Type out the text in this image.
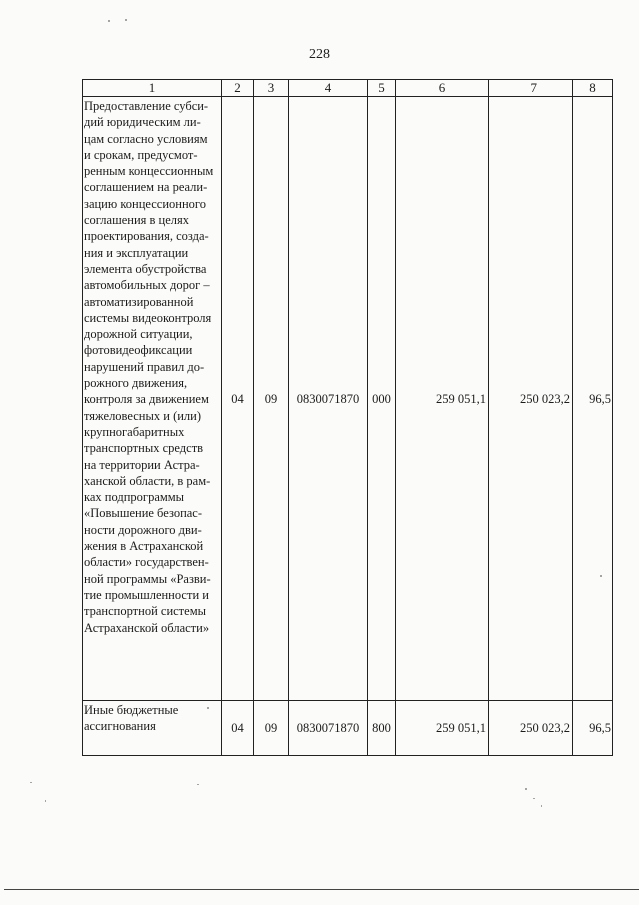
228
1	2	3	4	5	6	7	8
Предоставление субси-
дий юридическим ли-
цам согласно условиям
и срокам, предусмот-
ренным концессионным
соглашением на реали-
зацию концессионного
соглашения в целях
проектирования, созда-
ния и эксплуатации
элемента обустройства
автомобильных дорог –
автоматизированной
системы видеоконтроля
дорожной ситуации,
фотовидеофиксации
нарушений правил до-
рожного движения,
контроля за движением
тяжеловесных и (или)
крупногабаритных
транспортных средств
на территории Астра-
ханской области, в рам-
ках подпрограммы
«Повышение безопас-
ности дорожного дви-
жения в Астраханской
области» государствен-
ной программы «Разви-
тие промышленности и
транспортной системы
Астраханской области»
04	09	0830071870	000	259 051,1	250 023,2	96,5
Иные бюджетные
ассигнования	04	09	0830071870	800	259 051,1	250 023,2	96,5
